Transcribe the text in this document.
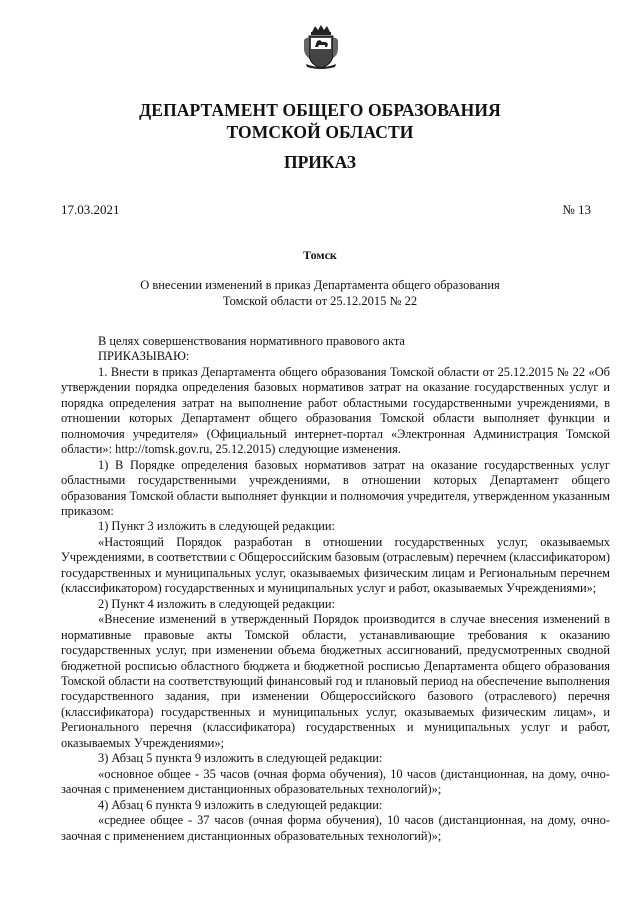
ДЕПАРТАМЕНТ ОБЩЕГО ОБРАЗОВАНИЯ
ТОМСКОЙ ОБЛАСТИ
ПРИКАЗ
17.03.2021	№ 13
Томск
О внесении изменений в приказ Департамента общего образования
Томской области от 25.12.2015 № 22
В целях совершенствования нормативного правового акта
ПРИКАЗЫВАЮ:

1. Внести в приказ Департамента общего образования Томской области от 25.12.2015 № 22 «Об утверждении порядка определения базовых нормативов затрат на оказание государственных услуг и порядка определения затрат на выполнение работ областными государственными учреждениями, в отношении которых Департамент общего образования Томской области выполняет функции и полномочия учредителя» (Официальный интернет-портал «Электронная Администрация Томской области»: http://tomsk.gov.ru, 25.12.2015) следующие изменения.

1) В Порядке определения базовых нормативов затрат на оказание государственных услуг областными государственными учреждениями, в отношении которых Департамент общего образования Томской области выполняет функции и полномочия учредителя, утвержденном указанным приказом:

1) Пункт 3 изложить в следующей редакции:

«Настоящий Порядок разработан в отношении государственных услуг, оказываемых Учреждениями, в соответствии с Общероссийским базовым (отраслевым) перечнем (классификатором) государственных и муниципальных услуг, оказываемых физическим лицам и Региональным перечнем (классификатором) государственных и муниципальных услуг и работ, оказываемых Учреждениями»;

2) Пункт 4 изложить в следующей редакции:

«Внесение изменений в утвержденный Порядок производится в случае внесения изменений в нормативные правовые акты Томской области, устанавливающие требования к оказанию государственных услуг, при изменении объема бюджетных ассигнований, предусмотренных сводной бюджетной росписью областного бюджета и бюджетной росписью Департамента общего образования Томской области на соответствующий финансовый год и плановый период на обеспечение выполнения государственного задания, при изменении Общероссийского базового (отраслевого) перечня (классификатора) государственных и муниципальных услуг, оказываемых физическим лицам», и Регионального перечня (классификатора) государственных и муниципальных услуг и работ, оказываемых Учреждениями»;

3) Абзац 5 пункта 9 изложить в следующей редакции:

«основное общее - 35 часов (очная форма обучения), 10 часов (дистанционная, на дому, очно-заочная с применением дистанционных образовательных технологий)»;

4) Абзац 6 пункта 9 изложить в следующей редакции:

«среднее общее - 37 часов (очная форма обучения), 10 часов (дистанционная, на дому, очно-заочная с применением дистанционных образовательных технологий)»;
